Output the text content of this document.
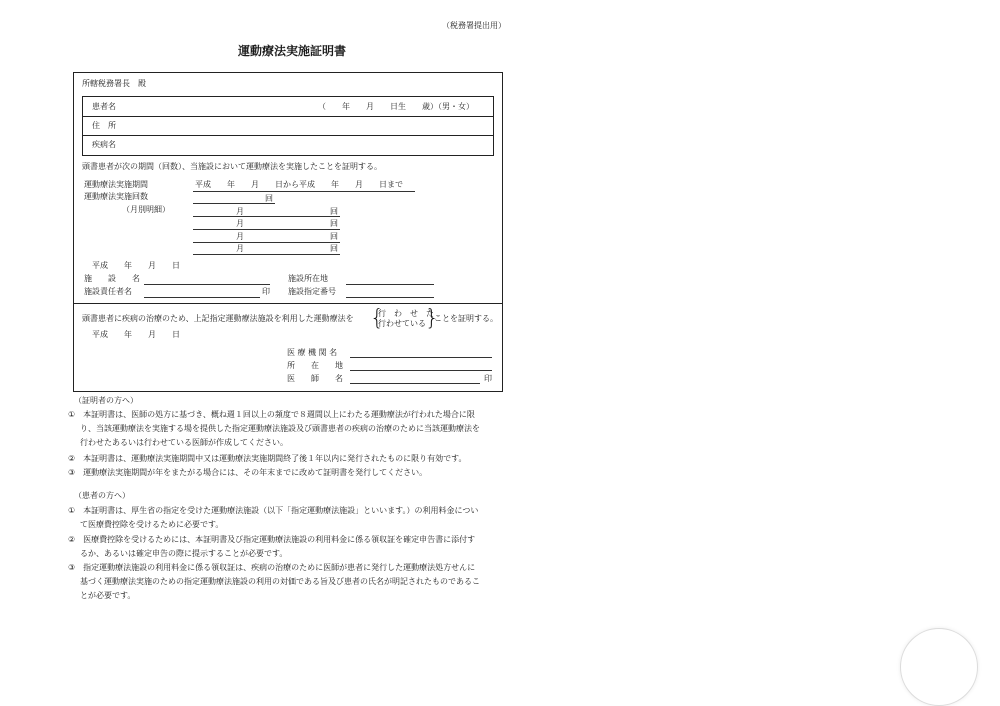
（税務署提出用）
運動療法実施証明書
所轄税務署長　殿
患者名	（　　年　　月　　日生　　歳）（男・女）
住　所
疾病名
頭書患者が次の期間（回数）、当施設において運動療法を実施したことを証明する。
運動療法実施期間	平成　　年　　月　　日から平成　　年　　月　　日まで
運動療法実施回数	回
（月別明細）	月	回
月	回
月	回
月	回
平成　　年　　月　　日
施　　設　　名	施設所在地
施設責任者名	印 施設指定番号
頭書患者に疾病の治療のため、上記指定運動療法施設を利用した運動療法を {
行　わ　せ　た
行わせている }
ことを証明する。
平成　　年　　月　　日
医 療 機 関 名
所　　在　　地
医　　師　　名	印
（証明者の方へ）
①　本証明書は、医師の処方に基づき、概ね週１回以上の頻度で８週間以上にわたる運動療法が行われた場合に限
り、当該運動療法を実施する場を提供した指定運動療法施設及び頭書患者の疾病の治療のために当該運動療法を
行わせたあるいは行わせている医師が作成してください。
②　本証明書は、運動療法実施期間中又は運動療法実施期間終了後１年以内に発行されたものに限り有効です。
③　運動療法実施期間が年をまたがる場合には、その年末までに改めて証明書を発行してください。
（患者の方へ）
①　本証明書は、厚生省の指定を受けた運動療法施設（以下「指定運動療法施設」といいます。）の利用料金につい
て医療費控除を受けるために必要です。
②　医療費控除を受けるためには、本証明書及び指定運動療法施設の利用料金に係る領収証を確定申告書に添付す
るか、あるいは確定申告の際に提示することが必要です。
③　指定運動療法施設の利用料金に係る領収証は、疾病の治療のために医師が患者に発行した運動療法処方せんに
基づく運動療法実施のための指定運動療法施設の利用の対価である旨及び患者の氏名が明記されたものであるこ
とが必要です。
